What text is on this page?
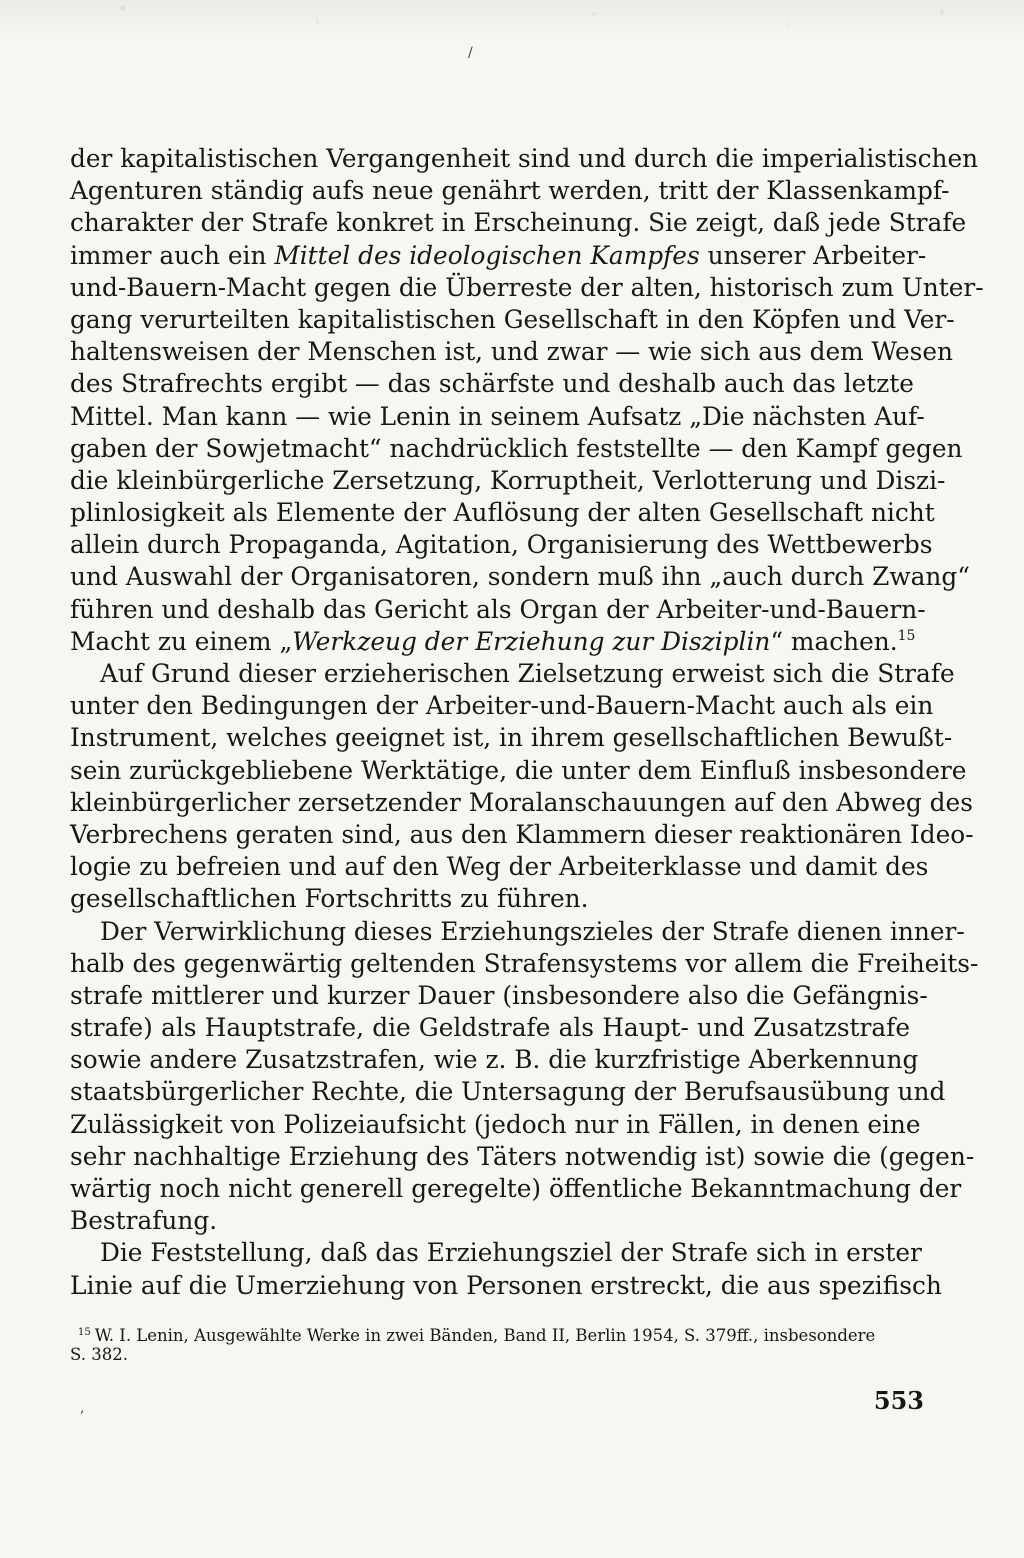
/
,
der kapitalistischen Vergangenheit sind und durch die imperialistischen
Agenturen ständig aufs neue genährt werden, tritt der Klassenkampf-
charakter der Strafe konkret in Erscheinung. Sie zeigt, daß jede Strafe
immer auch ein Mittel des ideologischen Kampfes unserer Arbeiter-
und-Bauern-Macht gegen die Überreste der alten, historisch zum Unter-
gang verurteilten kapitalistischen Gesellschaft in den Köpfen und Ver-
haltensweisen der Menschen ist, und zwar — wie sich aus dem Wesen
des Strafrechts ergibt — das schärfste und deshalb auch das letzte
Mittel. Man kann — wie Lenin in seinem Aufsatz „Die nächsten Auf-
gaben der Sowjetmacht“ nachdrücklich feststellte — den Kampf gegen
die kleinbürgerliche Zersetzung, Korruptheit, Verlotterung und Diszi-
plinlosigkeit als Elemente der Auflösung der alten Gesellschaft nicht
allein durch Propaganda, Agitation, Organisierung des Wettbewerbs
und Auswahl der Organisatoren, sondern muß ihn „auch durch Zwang“
führen und deshalb das Gericht als Organ der Arbeiter-und-Bauern-
Macht zu einem „Werkzeug der Erziehung zur Disziplin“ machen.$^{15}$
Auf Grund dieser erzieherischen Zielsetzung erweist sich die Strafe
unter den Bedingungen der Arbeiter-und-Bauern-Macht auch als ein
Instrument, welches geeignet ist, in ihrem gesellschaftlichen Bewußt-
sein zurückgebliebene Werktätige, die unter dem Einfluß insbesondere
kleinbürgerlicher zersetzender Moralanschauungen auf den Abweg des
Verbrechens geraten sind, aus den Klammern dieser reaktionären Ideo-
logie zu befreien und auf den Weg der Arbeiterklasse und damit des
gesellschaftlichen Fortschritts zu führen.
Der Verwirklichung dieses Erziehungszieles der Strafe dienen inner-
halb des gegenwärtig geltenden Strafensystems vor allem die Freiheits-
strafe mittlerer und kurzer Dauer (insbesondere also die Gefängnis-
strafe) als Hauptstrafe, die Geldstrafe als Haupt- und Zusatzstrafe
sowie andere Zusatzstrafen, wie z. B. die kurzfristige Aberkennung
staatsbürgerlicher Rechte, die Untersagung der Berufsausübung und
Zulässigkeit von Polizeiaufsicht (jedoch nur in Fällen, in denen eine
sehr nachhaltige Erziehung des Täters notwendig ist) sowie die (gegen-
wärtig noch nicht generell geregelte) öffentliche Bekanntmachung der
Bestrafung.
Die Feststellung, daß das Erziehungsziel der Strafe sich in erster
Linie auf die Umerziehung von Personen erstreckt, die aus spezifisch
$^{15}$ W. I. Lenin, Ausgewählte Werke in zwei Bänden, Band II, Berlin 1954, S. 379ff., insbesondere
S. 382.
553
